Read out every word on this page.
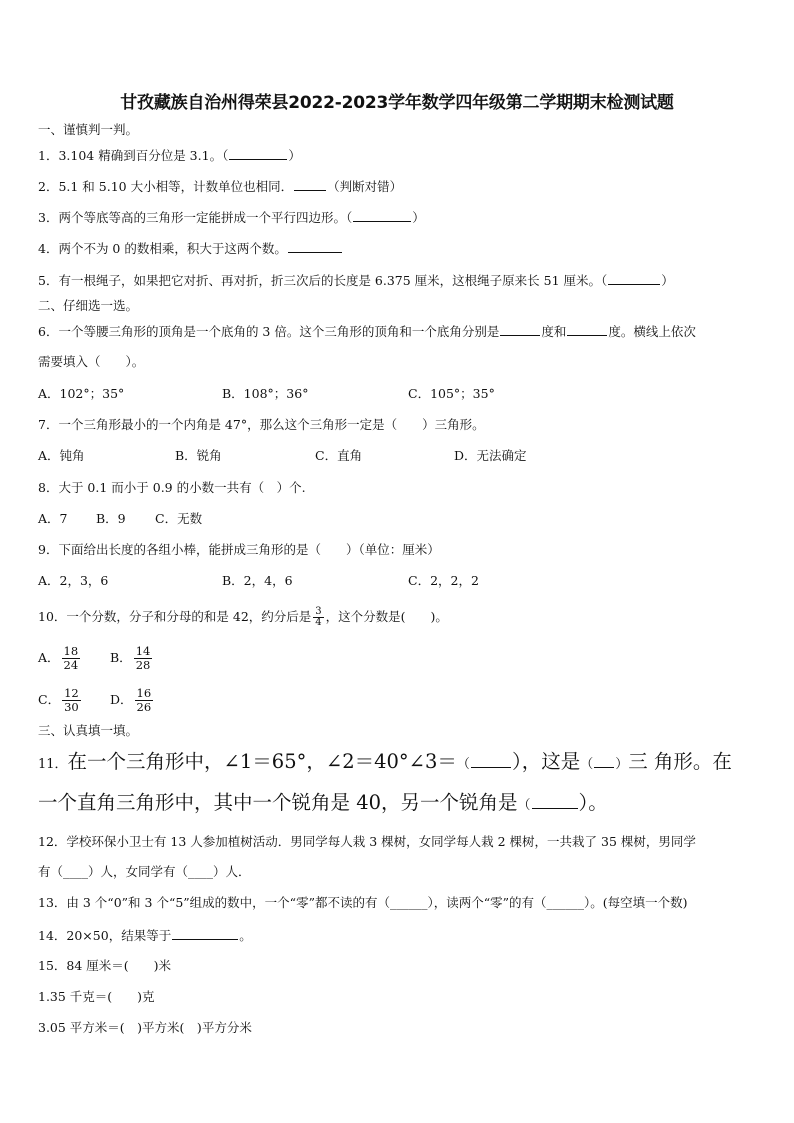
甘孜藏族自治州得荣县2022-2023学年数学四年级第二学期期末检测试题
一、谨慎判一判。
1．3.104 精确到百分位是 3.1。（	）
2．5.1 和 5.10 大小相等，计数单位也相同．	（判断对错）
3．两个等底等高的三角形一定能拼成一个平行四边形。（	）
4．两个不为 0 的数相乘，积大于这两个数。
5．有一根绳子，如果把它对折、再对折，折三次后的长度是 6.375 厘米，这根绳子原来长 51 厘米。（	）
二、仔细选一选。
6．一个等腰三角形的顶角是一个底角的 3 倍。这个三角形的顶角和一个底角分别是	度和	度。横线上依次
需要填入（　　）。
A．102°；35°	B．108°；36°	C．105°；35°
7．一个三角形最小的一个内角是 47°，那么这个三角形一定是（　　）三角形。
A．钝角	B．锐角	C．直角	D．无法确定
8．大于 0.1 而小于 0.9 的小数一共有（　）个.
A．7 B．9 C．无数
9．下面给出长度的各组小棒，能拼成三角形的是（　　）（单位：厘米）
A．2，3，6	B．2，4，6	C．2，2，2
10．一个分数，分子和分母的和是 42，约分后是 $\frac{3}{4}$ ，这个分数是(　　)。
A． $\frac{18}{24}$ B． $\frac{14}{28}$
C． $\frac{12}{30}$ D． $\frac{16}{26}$
三、认真填一填。
11．在一个三角形中，∠1＝65°，∠2＝40°∠3＝（ ），这是（ ）三 角形。在
一个直角三角形中，其中一个锐角是 40，另一个锐角是（ ）。
12．学校环保小卫士有 13 人参加植树活动．男同学每人栽 3 棵树，女同学每人栽 2 棵树，一共栽了 35 棵树，男同学
有（____）人，女同学有（____）人．
13．由 3 个“0”和 3 个“5”组成的数中，一个“零”都不读的有（______），读两个“零”的有（______）。(每空填一个数)
14．20×50，结果等于	。
15．84 厘米＝(　　)米
1.35 千克＝(　　)克
3.05 平方米＝(　)平方米(　)平方分米
